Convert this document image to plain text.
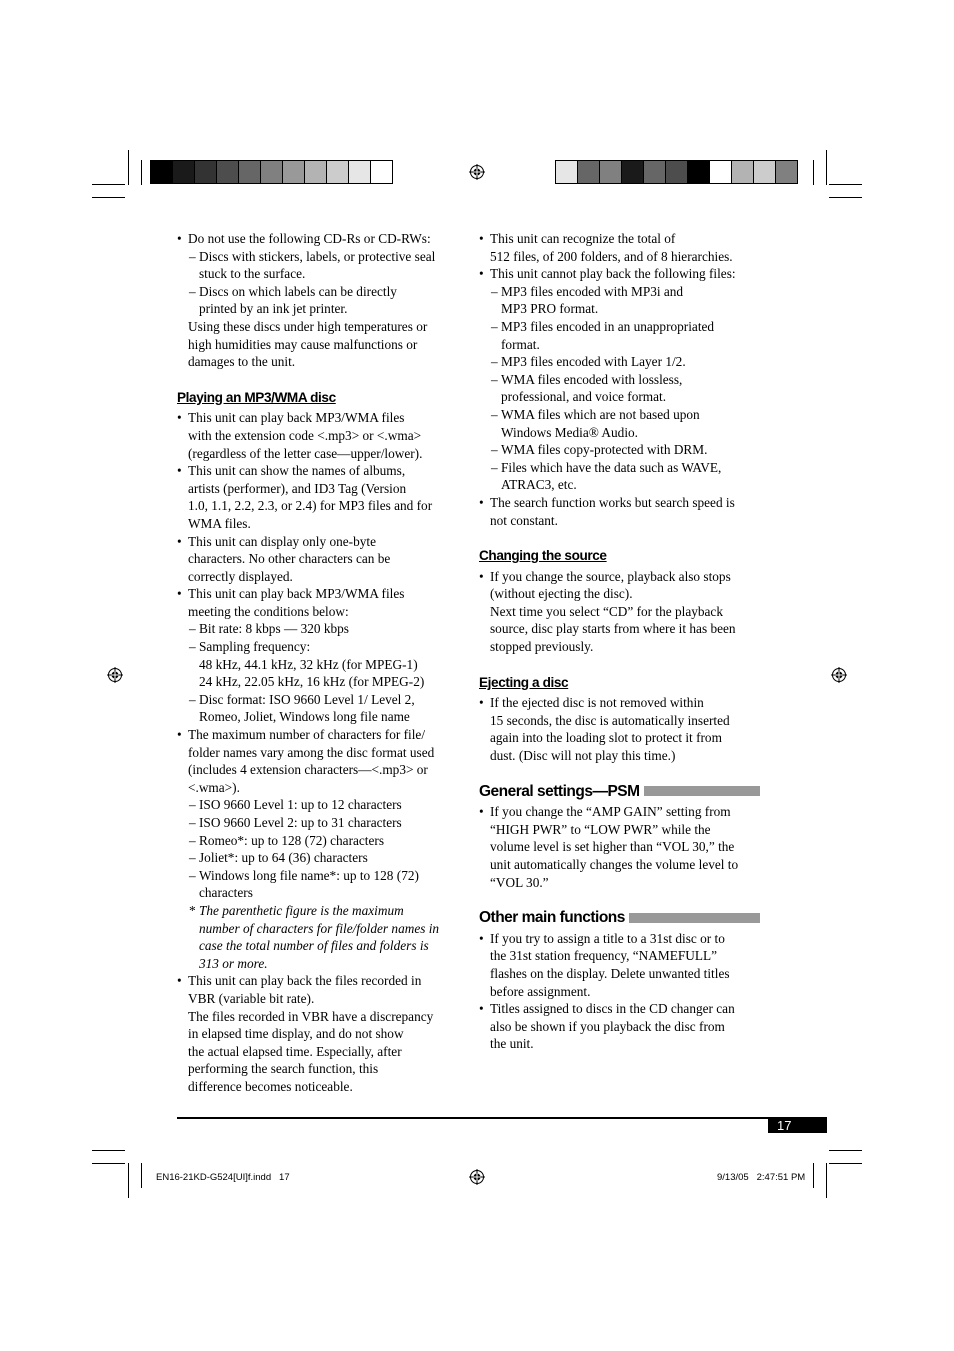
• Do not use the following CD-Rs or CD-RWs:

– Discs with stickers, labels, or protective seal

stuck to the surface.

– Discs on which labels can be directly

printed by an ink jet printer.

Using these discs under high temperatures or

high humidities may cause malfunctions or

damages to the unit.

Playing an MP3/WMA disc

• This unit can play back MP3/WMA files

with the extension code <.mp3> or <.wma>

(regardless of the letter case—upper/lower).

• This unit can show the names of albums,

artists (performer), and ID3 Tag (Version

1.0, 1.1, 2.2, 2.3, or 2.4) for MP3 files and for

WMA files.

• This unit can display only one-byte

characters. No other characters can be

correctly displayed.

• This unit can play back MP3/WMA files

meeting the conditions below:

– Bit rate: 8 kbps — 320 kbps

– Sampling frequency:

48 kHz, 44.1 kHz, 32 kHz (for MPEG-1)

24 kHz, 22.05 kHz, 16 kHz (for MPEG-2)

– Disc format: ISO 9660 Level 1/ Level 2,

Romeo, Joliet, Windows long file name

• The maximum number of characters for file/

folder names vary among the disc format used

(includes 4 extension characters—<.mp3> or

<.wma>).

– ISO 9660 Level 1: up to 12 characters

– ISO 9660 Level 2: up to 31 characters

– Romeo*: up to 128 (72) characters

– Joliet*: up to 64 (36) characters

– Windows long file name*: up to 128 (72)

characters

* The parenthetic figure is the maximum

number of characters for file/folder names in

case the total number of files and folders is

313 or more.

• This unit can play back the files recorded in

VBR (variable bit rate).

The files recorded in VBR have a discrepancy

in elapsed time display, and do not show

the actual elapsed time. Especially, after

performing the search function, this

difference becomes noticeable.

• This unit can recognize the total of

512 files, of 200 folders, and of 8 hierarchies.

• This unit cannot play back the following files:

– MP3 files encoded with MP3i and

MP3 PRO format.

– MP3 files encoded in an unappropriated

format.

– MP3 files encoded with Layer 1/2.

– WMA files encoded with lossless,

professional, and voice format.

– WMA files which are not based upon

Windows Media® Audio.

– WMA files copy-protected with DRM.

– Files which have the data such as WAVE,

ATRAC3, etc.

• The search function works but search speed is

not constant.

Changing the source

• If you change the source, playback also stops

(without ejecting the disc).

Next time you select “CD” for the playback

source, disc play starts from where it has been

stopped previously.

Ejecting a disc

• If the ejected disc is not removed within

15 seconds, the disc is automatically inserted

again into the loading slot to protect it from

dust. (Disc will not play this time.)

General settings—PSM

• If you change the “AMP GAIN” setting from

“HIGH PWR” to “LOW PWR” while the

volume level is set higher than “VOL 30,” the

unit automatically changes the volume level to

“VOL 30.”

Other main functions

• If you try to assign a title to a 31st disc or to

the 31st station frequency, “NAMEFULL”

flashes on the display. Delete unwanted titles

before assignment.

• Titles assigned to discs in the CD changer can

also be shown if you playback the disc from

the unit.

17
EN16-21KD-G524[UI]f.indd   17	9/13/05   2:47:51 PM
